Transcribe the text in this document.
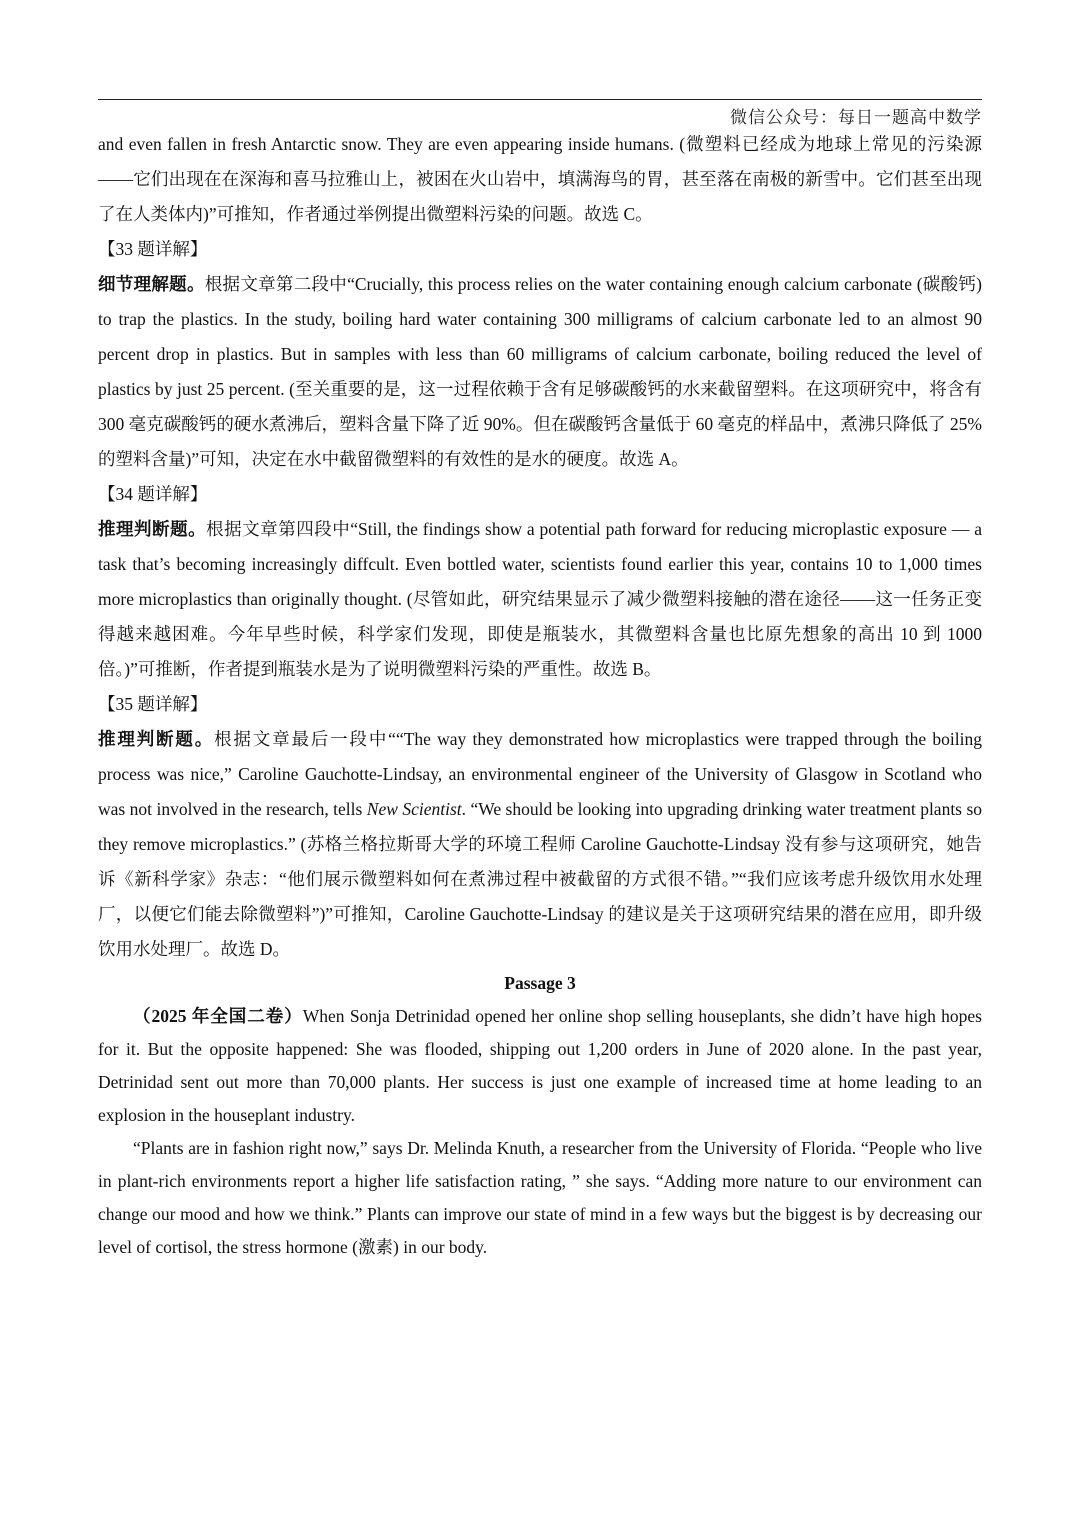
微信公众号：每日一题高中数学

and even fallen in fresh Antarctic snow. They are even appearing inside humans. (微塑料已经成为地球上常见的污染源——它们出现在在深海和喜马拉雅山上，被困在火山岩中，填满海鸟的胃，甚至落在南极的新雪中。它们甚至出现了在人类体内)”可推知，作者通过举例提出微塑料污染的问题。故选 C。

【33 题详解】

细节理解题。根据文章第二段中“Crucially, this process relies on the water containing enough calcium carbonate (碳酸钙) to trap the plastics. In the study, boiling hard water containing 300 milligrams of calcium carbonate led to an almost 90 percent drop in plastics. But in samples with less than 60 milligrams of calcium carbonate, boiling reduced the level of plastics by just 25 percent. (至关重要的是，这一过程依赖于含有足够碳酸钙的水来截留塑料。在这项研究中，将含有 300 毫克碳酸钙的硬水煮沸后，塑料含量下降了近 90%。但在碳酸钙含量低于 60 毫克的样品中，煮沸只降低了 25%的塑料含量)”可知，决定在水中截留微塑料的有效性的是水的硬度。故选 A。

【34 题详解】

推理判断题。根据文章第四段中“Still, the findings show a potential path forward for reducing microplastic exposure — a task that’s becoming increasingly diffcult. Even bottled water, scientists found earlier this year, contains 10 to 1,000 times more microplastics than originally thought. (尽管如此，研究结果显示了减少微塑料接触的潜在途径——这一任务正变得越来越困难。今年早些时候，科学家们发现，即使是瓶装水，其微塑料含量也比原先想象的高出 10 到 1000 倍。)”可推断，作者提到瓶装水是为了说明微塑料污染的严重性。故选 B。

【35 题详解】

推理判断题。根据文章最后一段中““The way they demonstrated how microplastics were trapped through the boiling process was nice,” Caroline Gauchotte-Lindsay, an environmental engineer of the University of Glasgow in Scotland who was not involved in the research, tells New Scientist. “We should be looking into upgrading drinking water treatment plants so they remove microplastics.” (苏格兰格拉斯哥大学的环境工程师 Caroline Gauchotte-Lindsay 没有参与这项研究，她告诉《新科学家》杂志：“他们展示微塑料如何在煮沸过程中被截留的方式很不错。”“我们应该考虑升级饮用水处理厂，以便它们能去除微塑料”)”可推知，Caroline Gauchotte-Lindsay 的建议是关于这项研究结果的潜在应用，即升级饮用水处理厂。故选 D。

Passage 3

（2025 年全国二卷）When Sonja Detrinidad opened her online shop selling houseplants, she didn’t have high hopes for it. But the opposite happened: She was flooded, shipping out 1,200 orders in June of 2020 alone. In the past year, Detrinidad sent out more than 70,000 plants. Her success is just one example of increased time at home leading to an explosion in the houseplant industry.

“Plants are in fashion right now,” says Dr. Melinda Knuth, a researcher from the University of Florida. “People who live in plant-rich environments report a higher life satisfaction rating, ” she says. “Adding more nature to our environment can change our mood and how we think.” Plants can improve our state of mind in a few ways but the biggest is by decreasing our level of cortisol, the stress hormone (激素) in our body.
